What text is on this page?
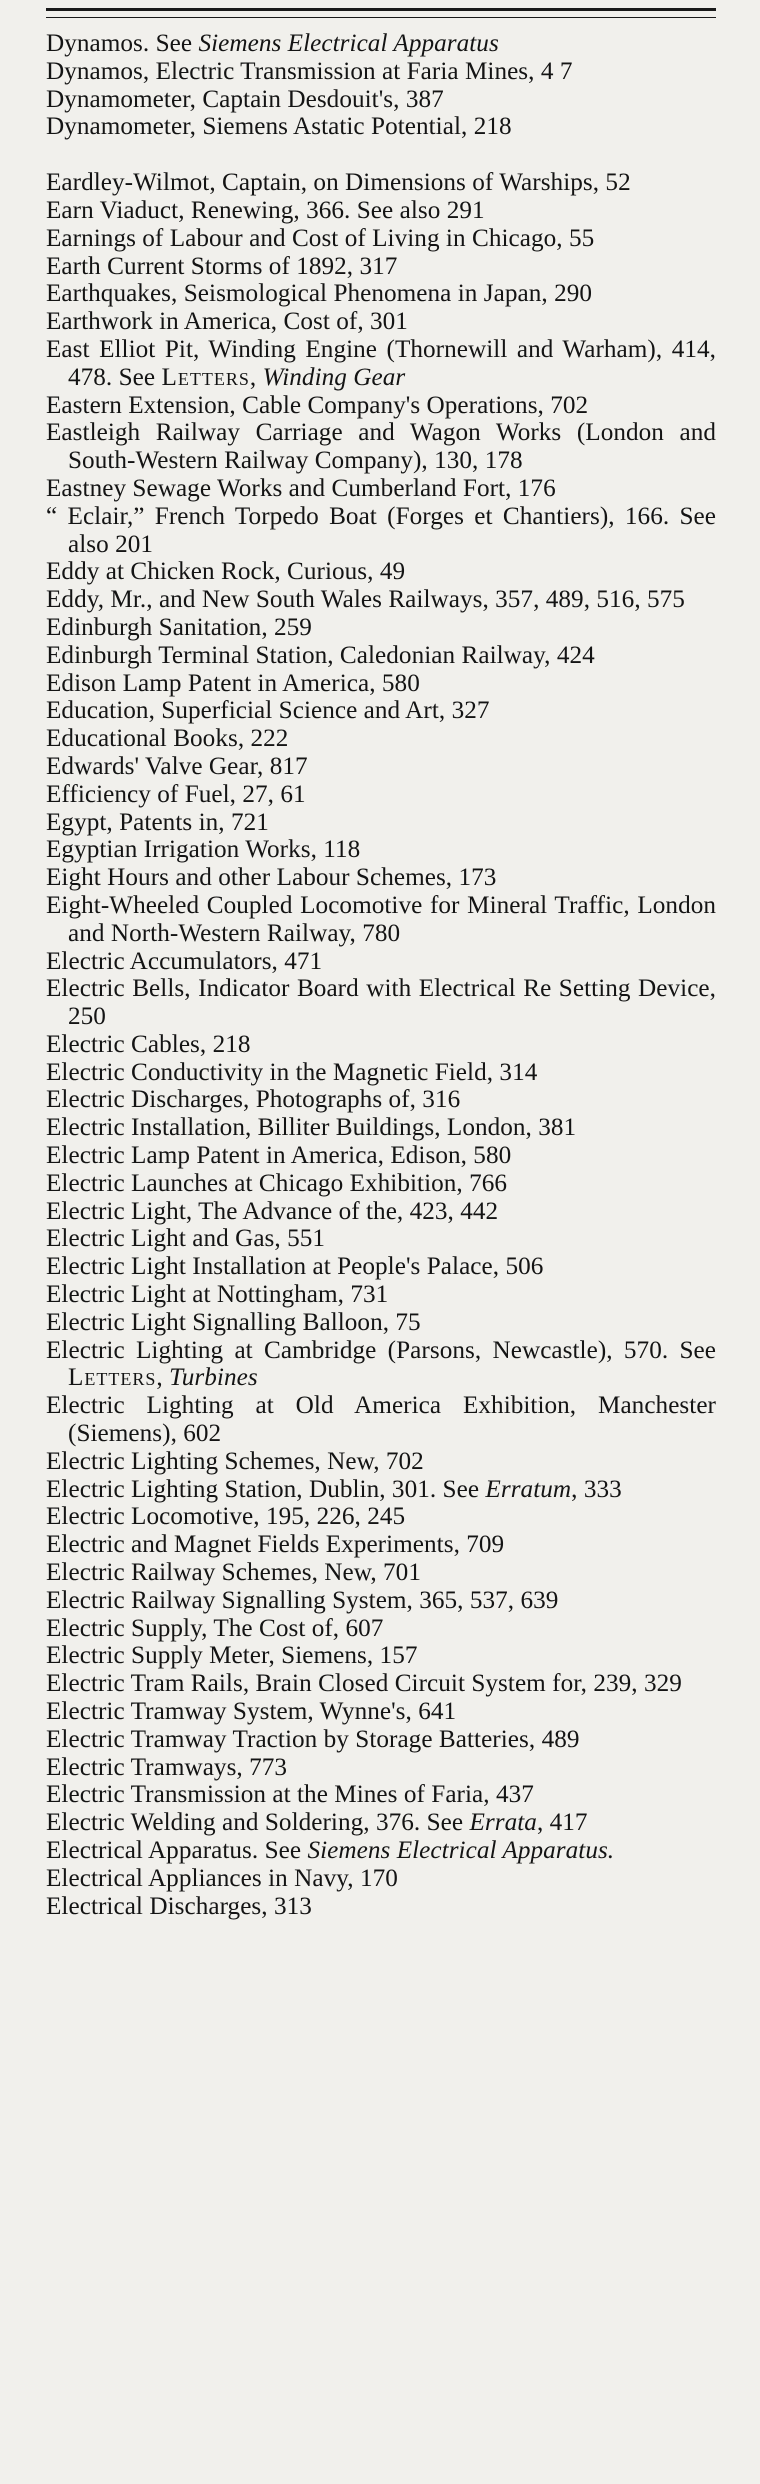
Dynamos. See Siemens Electrical Apparatus
Dynamos, Electric Transmission at Faria Mines, 4 7
Dynamometer, Captain Desdouit's, 387
Dynamometer, Siemens Astatic Potential, 218
Eardley-Wilmot, Captain, on Dimensions of Warships, 52
Earn Viaduct, Renewing, 366. See also 291
Earnings of Labour and Cost of Living in Chicago, 55
Earth Current Storms of 1892, 317
Earthquakes, Seismological Phenomena in Japan, 290
Earthwork in America, Cost of, 301
East Elliot Pit, Winding Engine (Thornewill and Warham), 414, 478. See Letters, Winding Gear
Eastern Extension, Cable Company's Operations, 702
Eastleigh Railway Carriage and Wagon Works (London and South-Western Railway Company), 130, 178
Eastney Sewage Works and Cumberland Fort, 176
“ Eclair,” French Torpedo Boat (Forges et Chantiers), 166. See also 201
Eddy at Chicken Rock, Curious, 49
Eddy, Mr., and New South Wales Railways, 357, 489, 516, 575
Edinburgh Sanitation, 259
Edinburgh Terminal Station, Caledonian Railway, 424
Edison Lamp Patent in America, 580
Education, Superficial Science and Art, 327
Educational Books, 222
Edwards' Valve Gear, 817
Efficiency of Fuel, 27, 61
Egypt, Patents in, 721
Egyptian Irrigation Works, 118
Eight Hours and other Labour Schemes, 173
Eight-Wheeled Coupled Locomotive for Mineral Traffic, London and North-Western Railway, 780
Electric Accumulators, 471
Electric Bells, Indicator Board with Electrical Re Setting Device, 250
Electric Cables, 218
Electric Conductivity in the Magnetic Field, 314
Electric Discharges, Photographs of, 316
Electric Installation, Billiter Buildings, London, 381
Electric Lamp Patent in America, Edison, 580
Electric Launches at Chicago Exhibition, 766
Electric Light, The Advance of the, 423, 442
Electric Light and Gas, 551
Electric Light Installation at People's Palace, 506
Electric Light at Nottingham, 731
Electric Light Signalling Balloon, 75
Electric Lighting at Cambridge (Parsons, Newcastle), 570. See Letters, Turbines
Electric Lighting at Old America Exhibition, Manchester (Siemens), 602
Electric Lighting Schemes, New, 702
Electric Lighting Station, Dublin, 301. See Erratum, 333
Electric Locomotive, 195, 226, 245
Electric and Magnet Fields Experiments, 709
Electric Railway Schemes, New, 701
Electric Railway Signalling System, 365, 537, 639
Electric Supply, The Cost of, 607
Electric Supply Meter, Siemens, 157
Electric Tram Rails, Brain Closed Circuit System for, 239, 329
Electric Tramway System, Wynne's, 641
Electric Tramway Traction by Storage Batteries, 489
Electric Tramways, 773
Electric Transmission at the Mines of Faria, 437
Electric Welding and Soldering, 376. See Errata, 417
Electrical Apparatus. See Siemens Electrical Apparatus.
Electrical Appliances in Navy, 170
Electrical Discharges, 313
